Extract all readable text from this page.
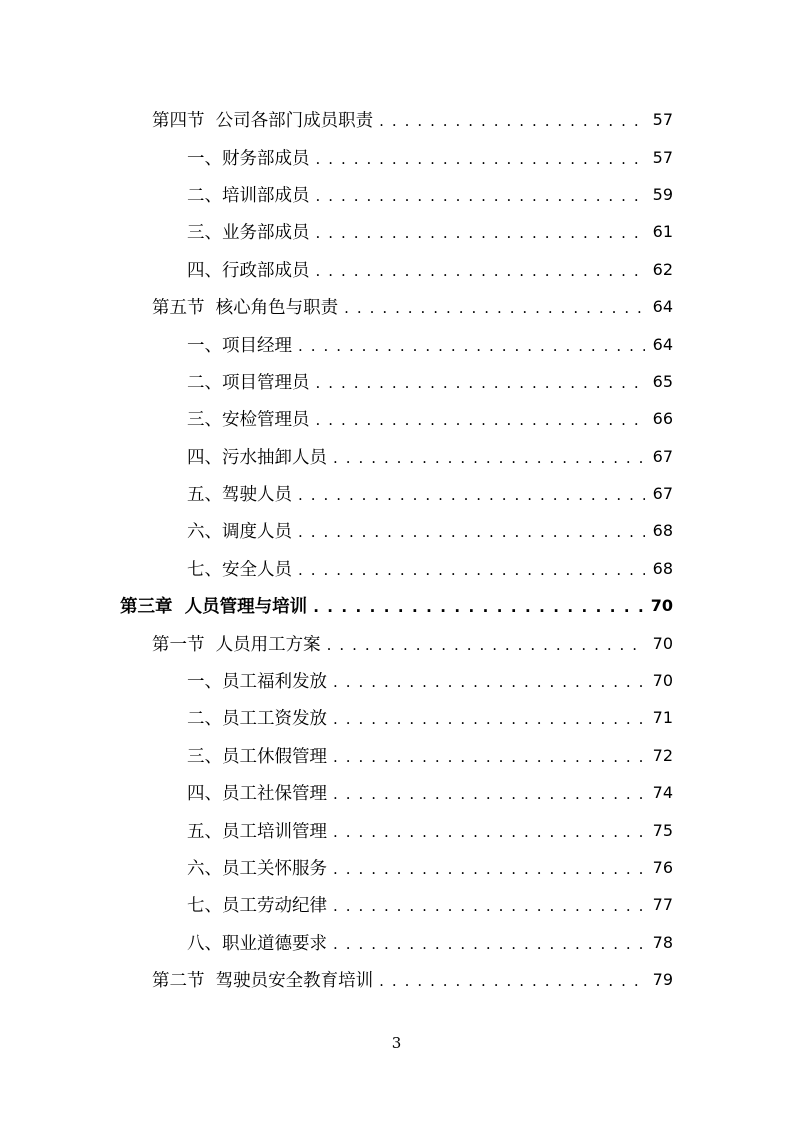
第四节  公司各部门成员职责 . . .	57
一、财务部成员 . . .	57
二、培训部成员 . . .	59
三、业务部成员 . . .	61
四、行政部成员 . . .	62
第五节  核心角色与职责 . . .	64
一、项目经理 . . .	64
二、项目管理员 . . .	65
三、安检管理员 . . .	66
四、污水抽卸人员 . . .	67
五、驾驶人员 . . .	67
六、调度人员 . . .	68
七、安全人员 . . .	68
第三章  人员管理与培训 . . .	70
第一节  人员用工方案 . . .	70
一、员工福利发放 . . .	70
二、员工工资发放 . . .	71
三、员工休假管理 . . .	72
四、员工社保管理 . . .	74
五、员工培训管理 . . .	75
六、员工关怀服务 . . .	76
七、员工劳动纪律 . . .	77
八、职业道德要求 . . .	78
第二节  驾驶员安全教育培训 . . .	79
3
